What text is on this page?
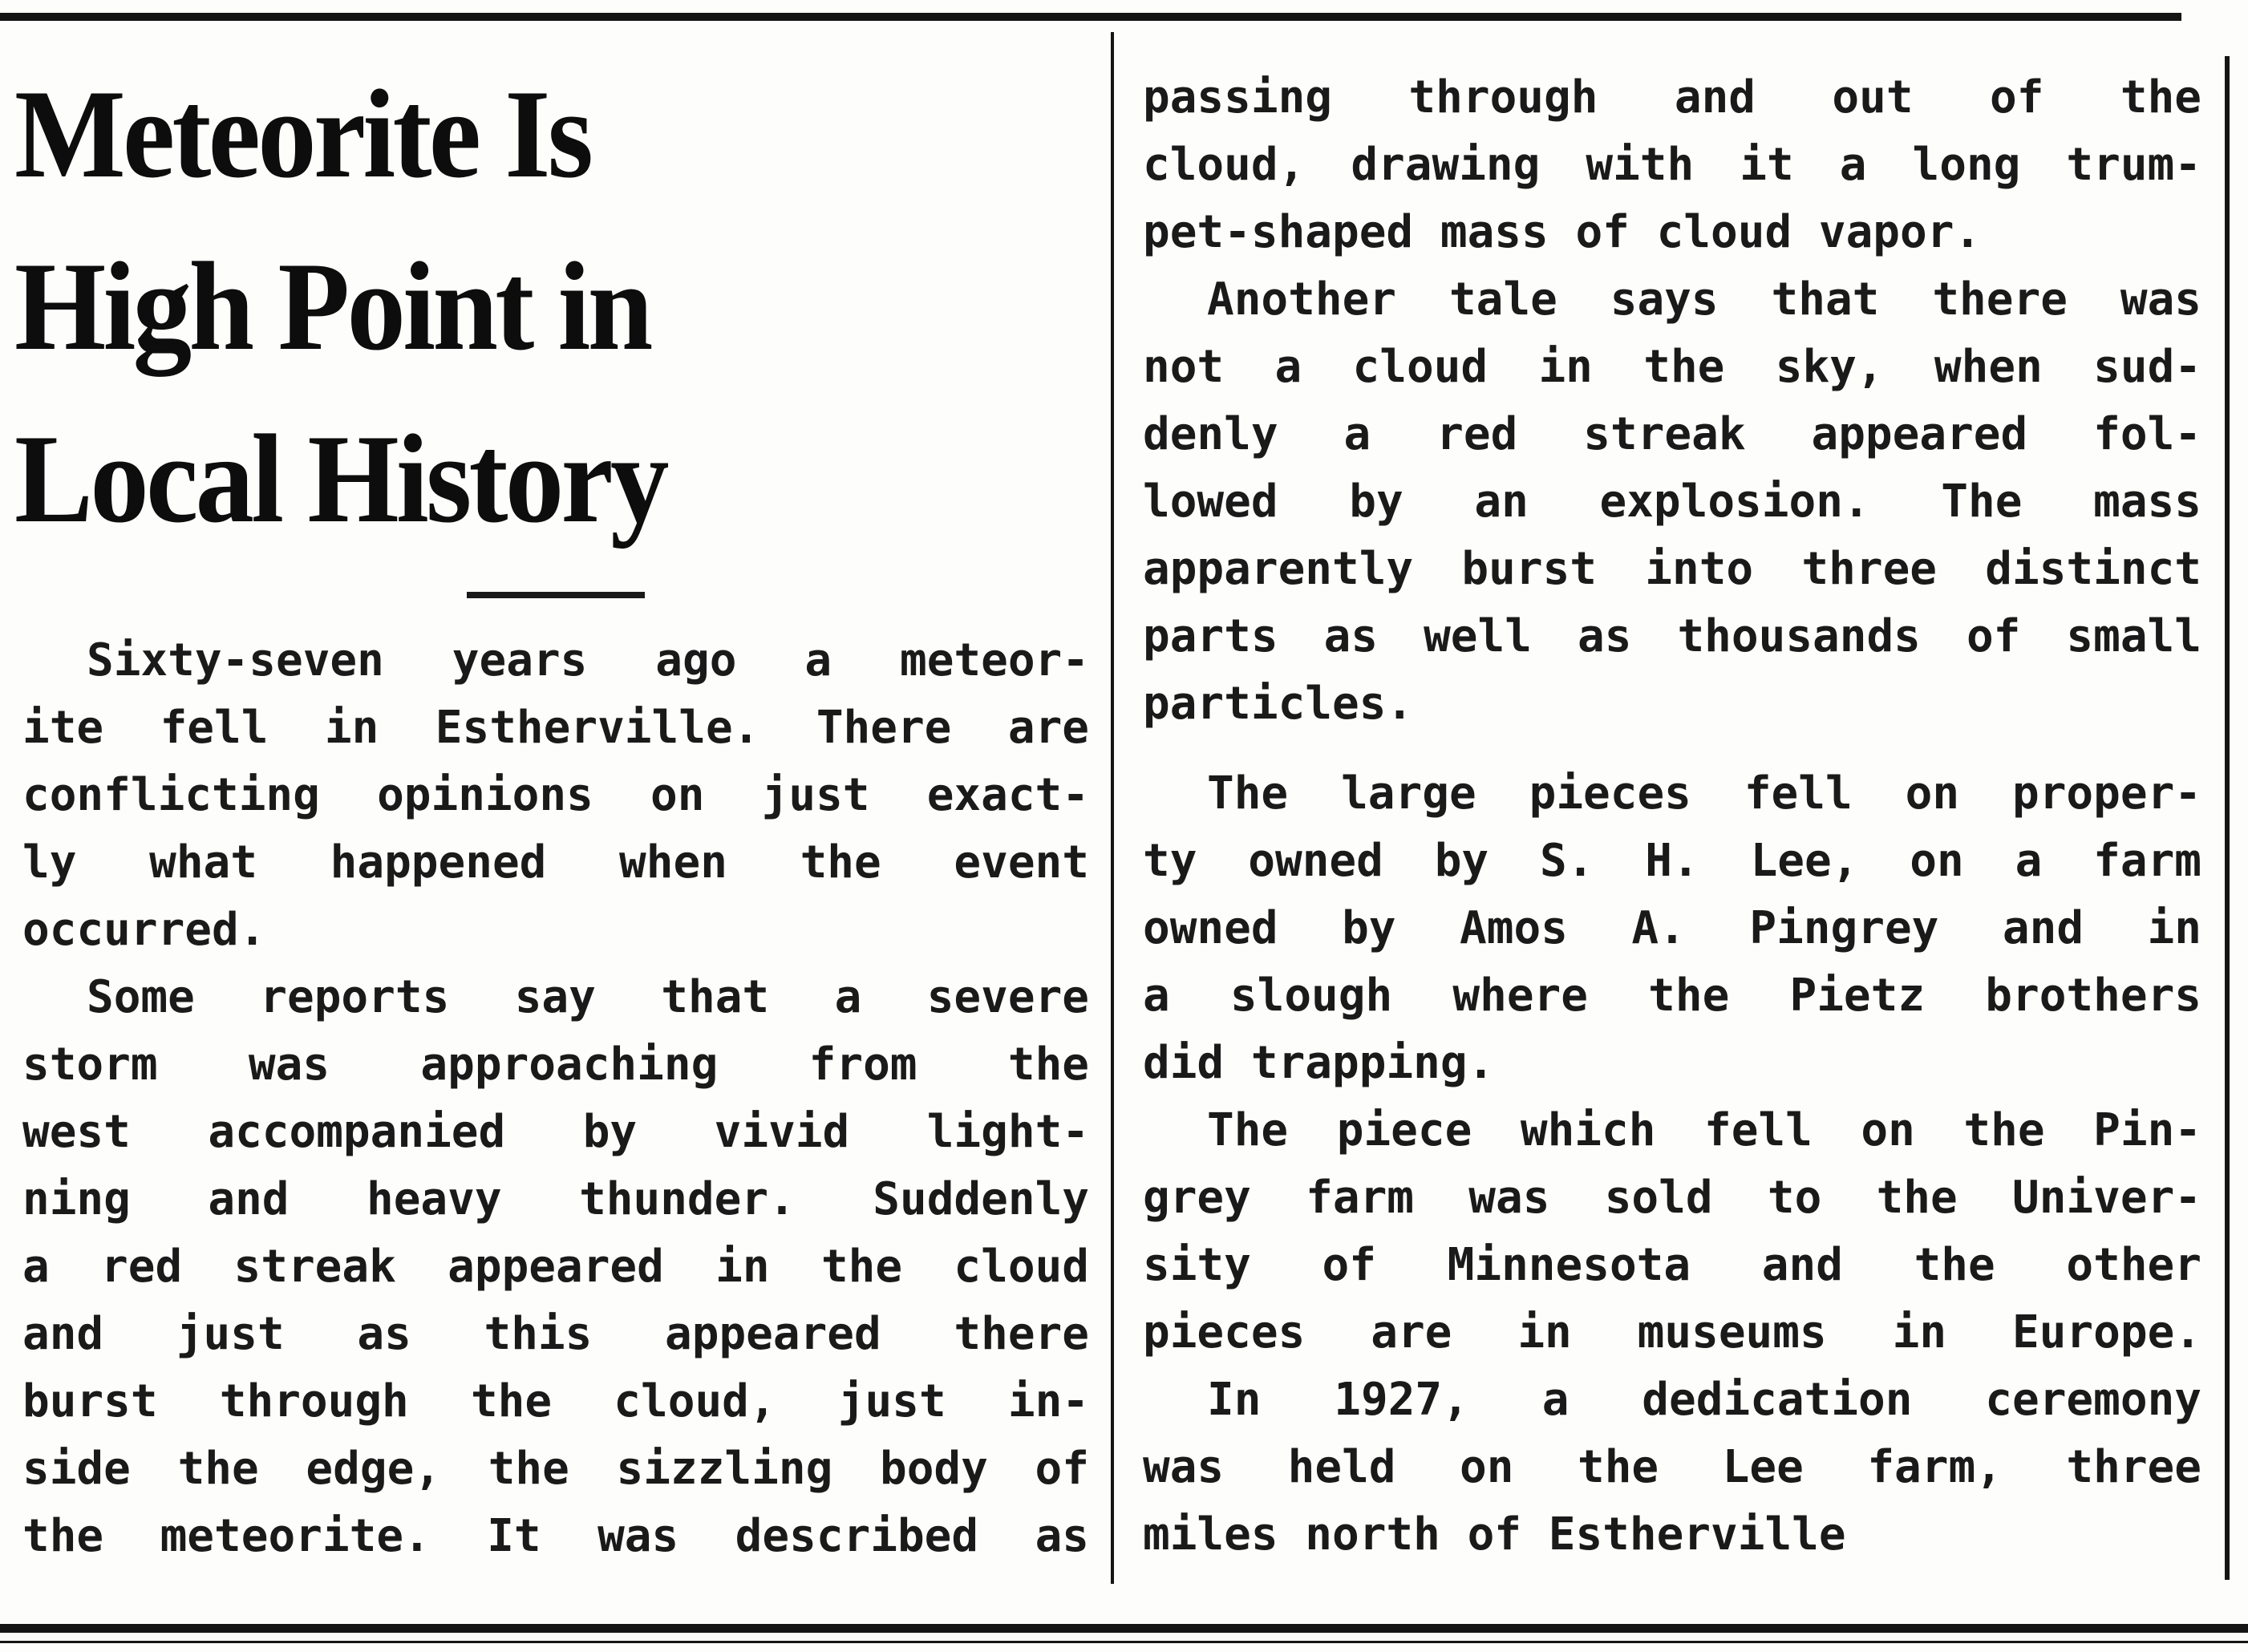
Meteorite Is
High Point in
Local History
Sixty-seven years ago a meteor-
ite fell in Estherville. There are
conflicting opinions on just exact-
ly what happened when the event
occurred.
Some reports say that a severe
storm was approaching from the
west accompanied by vivid light-
ning and heavy thunder. Suddenly
a red streak appeared in the cloud
and just as this appeared there
burst through the cloud, just in-
side the edge, the sizzling body of
the meteorite. It was described as
passing through and out of the
cloud, drawing with it a long trum-
pet-shaped mass of cloud vapor.
Another tale says that there was
not a cloud in the sky, when sud-
denly a red streak appeared fol-
lowed by an explosion. The mass
apparently burst into three distinct
parts as well as thousands of small
particles.
The large pieces fell on proper-
ty owned by S. H. Lee, on a farm
owned by Amos A. Pingrey and in
a slough where the Pietz brothers
did trapping.
The piece which fell on the Pin-
grey farm was sold to the Univer-
sity of Minnesota and the other
pieces are in museums in Europe.
In 1927, a dedication ceremony
was held on the Lee farm, three
miles north of Estherville
